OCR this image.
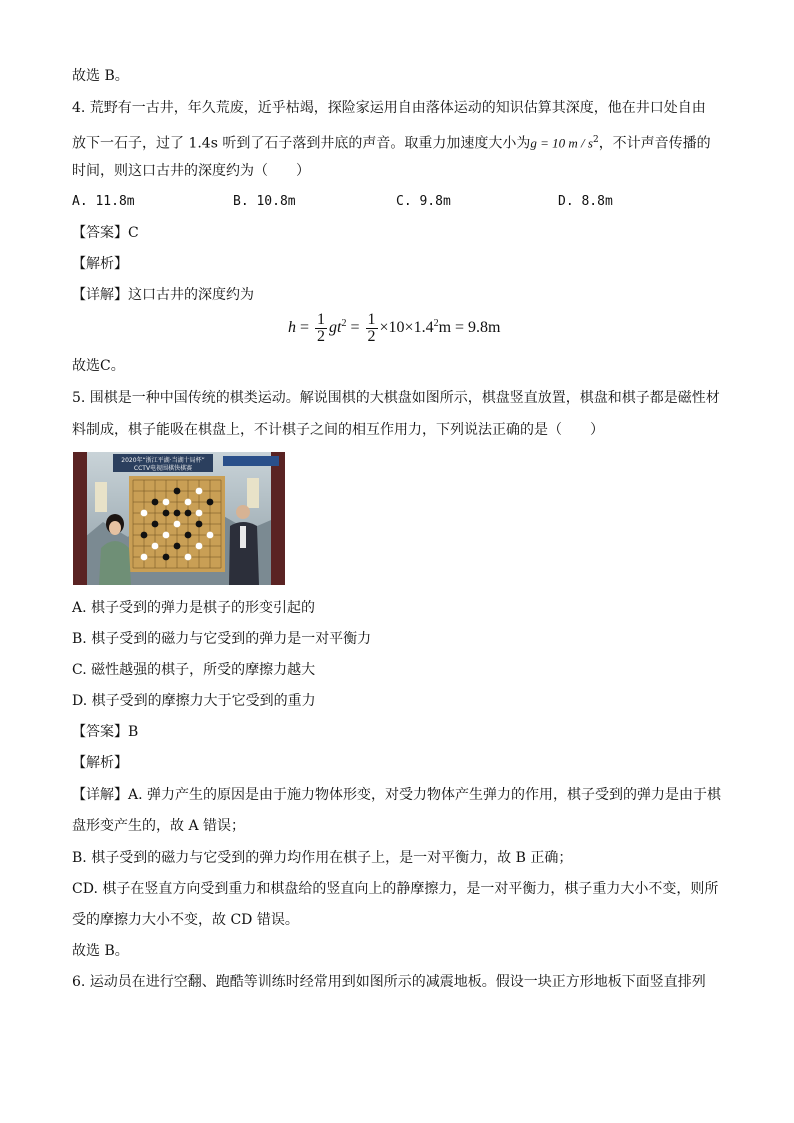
故选 B。
4. 荒野有一古井，年久荒废，近乎枯竭，探险家运用自由落体运动的知识估算其深度，他在井口处自由
放下一石子，过了 1.4s 听到了石子落到井底的声音。取重力加速度大小为g = 10 m / $s^2$，不计声音传播的
时间，则这口古井的深度约为（　　）
A. 11.8m	B. 10.8m	C. 9.8m	D. 8.8m
【答案】C
【解析】
【详解】这口古井的深度约为
$h = \frac{1}{2} gt^2 = \frac{1}{2} \times 10\times 1.4^2m = 9.8m$
故选C。
5. 围棋是一种中国传统的棋类运动。解说围棋的大棋盘如图所示，棋盘竖直放置，棋盘和棋子都是磁性材
料制成，棋子能吸在棋盘上，不计棋子之间的相互作用力，下列说法正确的是（　　）
2020年“浙江平湖·当湖十局杯”
CCTV电视围棋快棋赛
A. 棋子受到的弹力是棋子的形变引起的
B. 棋子受到的磁力与它受到的弹力是一对平衡力
C. 磁性越强的棋子，所受的摩擦力越大
D. 棋子受到的摩擦力大于它受到的重力
【答案】B
【解析】
【详解】A. 弹力产生的原因是由于施力物体形变，对受力物体产生弹力的作用，棋子受到的弹力是由于棋
盘形变产生的，故 A 错误；
B. 棋子受到的磁力与它受到的弹力均作用在棋子上，是一对平衡力，故 B 正确；
CD. 棋子在竖直方向受到重力和棋盘给的竖直向上的静摩擦力，是一对平衡力，棋子重力大小不变，则所
受的摩擦力大小不变，故 CD 错误。
故选 B。
6. 运动员在进行空翻、跑酷等训练时经常用到如图所示的减震地板。假设一块正方形地板下面竖直排列
